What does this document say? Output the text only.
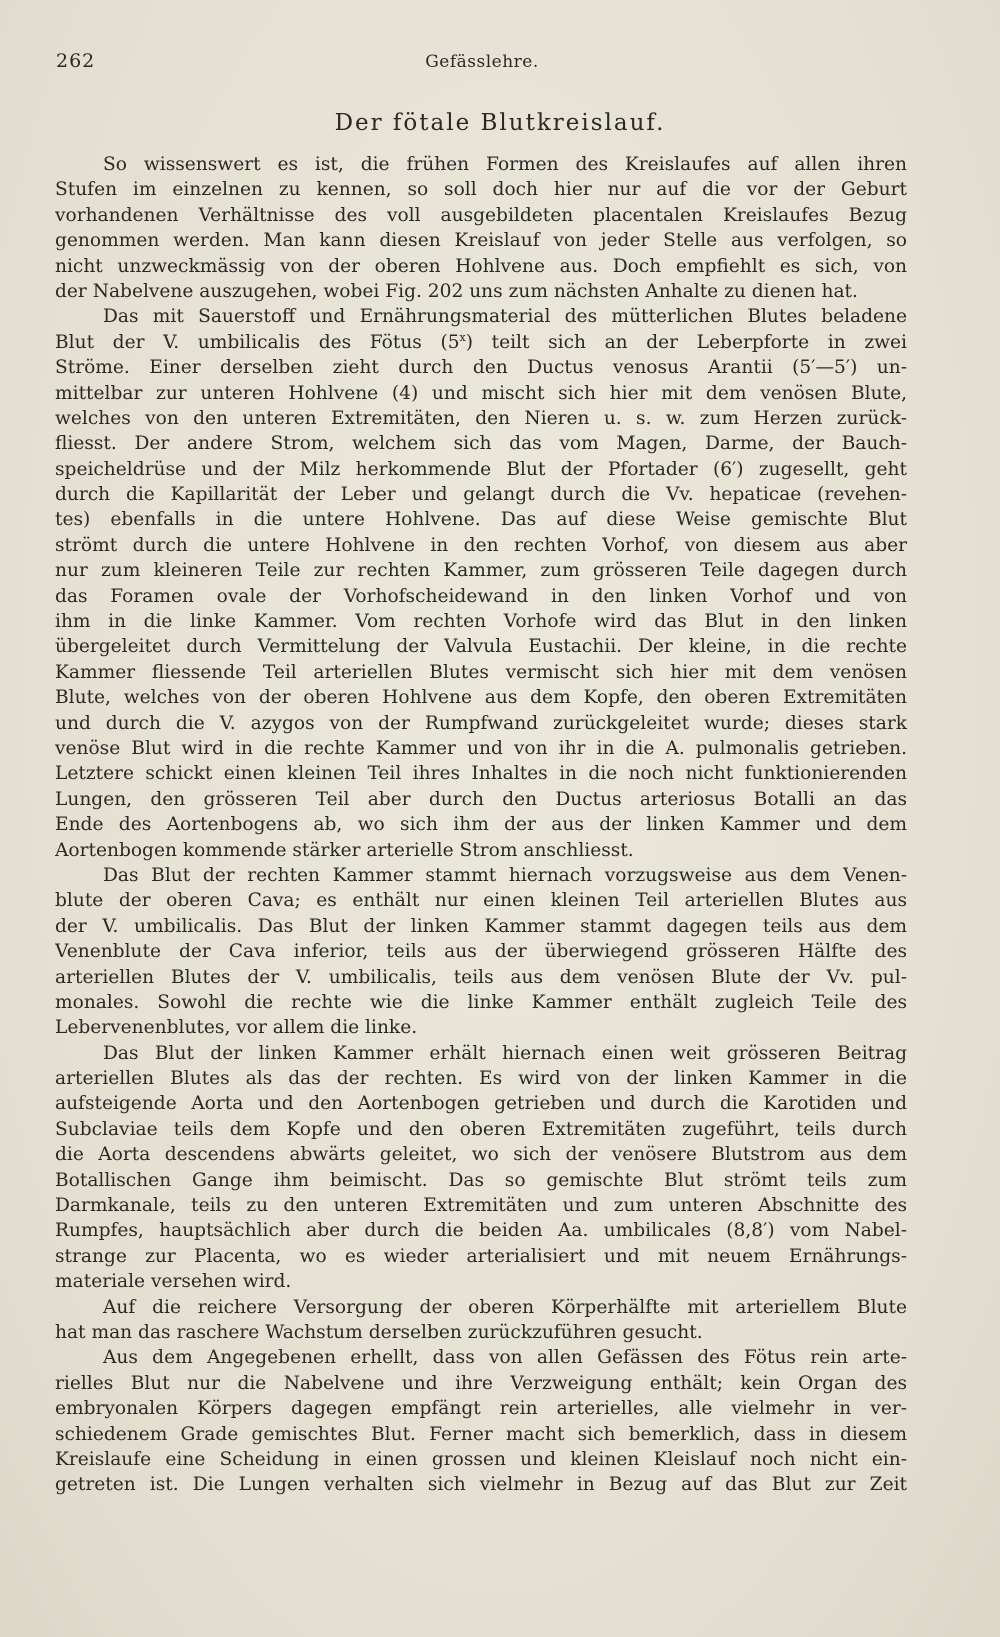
262	Gefässlehre.
Der fötale Blutkreislauf.
So wissenswert es ist, die frühen Formen des Kreislaufes auf allen ihren
Stufen im einzelnen zu kennen, so soll doch hier nur auf die vor der Geburt
vorhandenen Verhältnisse des voll ausgebildeten placentalen Kreislaufes Bezug
genommen werden. Man kann diesen Kreislauf von jeder Stelle aus verfolgen, so
nicht unzweckmässig von der oberen Hohlvene aus. Doch empfiehlt es sich, von
der Nabelvene auszugehen, wobei Fig. 202 uns zum nächsten Anhalte zu dienen hat.
Das mit Sauerstoff und Ernährungsmaterial des mütterlichen Blutes beladene
Blut der V. umbilicalis des Fötus (5$^x$) teilt sich an der Leberpforte in zwei
Ströme. Einer derselben zieht durch den Ductus venosus Arantii (5′—5′) un-
mittelbar zur unteren Hohlvene (4) und mischt sich hier mit dem venösen Blute,
welches von den unteren Extremitäten, den Nieren u. s. w. zum Herzen zurück-
fliesst. Der andere Strom, welchem sich das vom Magen, Darme, der Bauch-
speicheldrüse und der Milz herkommende Blut der Pfortader (6′) zugesellt, geht
durch die Kapillarität der Leber und gelangt durch die Vv. hepaticae (revehen-
tes) ebenfalls in die untere Hohlvene. Das auf diese Weise gemischte Blut
strömt durch die untere Hohlvene in den rechten Vorhof, von diesem aus aber
nur zum kleineren Teile zur rechten Kammer, zum grösseren Teile dagegen durch
das Foramen ovale der Vorhofscheidewand in den linken Vorhof und von
ihm in die linke Kammer. Vom rechten Vorhofe wird das Blut in den linken
übergeleitet durch Vermittelung der Valvula Eustachii. Der kleine, in die rechte
Kammer fliessende Teil arteriellen Blutes vermischt sich hier mit dem venösen
Blute, welches von der oberen Hohlvene aus dem Kopfe, den oberen Extremitäten
und durch die V. azygos von der Rumpfwand zurückgeleitet wurde; dieses stark
venöse Blut wird in die rechte Kammer und von ihr in die A. pulmonalis getrieben.
Letztere schickt einen kleinen Teil ihres Inhaltes in die noch nicht funktionierenden
Lungen, den grösseren Teil aber durch den Ductus arteriosus Botalli an das
Ende des Aortenbogens ab, wo sich ihm der aus der linken Kammer und dem
Aortenbogen kommende stärker arterielle Strom anschliesst.
Das Blut der rechten Kammer stammt hiernach vorzugsweise aus dem Venen-
blute der oberen Cava; es enthält nur einen kleinen Teil arteriellen Blutes aus
der V. umbilicalis. Das Blut der linken Kammer stammt dagegen teils aus dem
Venenblute der Cava inferior, teils aus der überwiegend grösseren Hälfte des
arteriellen Blutes der V. umbilicalis, teils aus dem venösen Blute der Vv. pul-
monales. Sowohl die rechte wie die linke Kammer enthält zugleich Teile des
Lebervenenblutes, vor allem die linke.
Das Blut der linken Kammer erhält hiernach einen weit grösseren Beitrag
arteriellen Blutes als das der rechten. Es wird von der linken Kammer in die
aufsteigende Aorta und den Aortenbogen getrieben und durch die Karotiden und
Subclaviae teils dem Kopfe und den oberen Extremitäten zugeführt, teils durch
die Aorta descendens abwärts geleitet, wo sich der venösere Blutstrom aus dem
Botallischen Gange ihm beimischt. Das so gemischte Blut strömt teils zum
Darmkanale, teils zu den unteren Extremitäten und zum unteren Abschnitte des
Rumpfes, hauptsächlich aber durch die beiden Aa. umbilicales (8,8′) vom Nabel-
strange zur Placenta, wo es wieder arterialisiert und mit neuem Ernährungs-
materiale versehen wird.
Auf die reichere Versorgung der oberen Körperhälfte mit arteriellem Blute
hat man das raschere Wachstum derselben zurückzuführen gesucht.
Aus dem Angegebenen erhellt, dass von allen Gefässen des Fötus rein arte-
rielles Blut nur die Nabelvene und ihre Verzweigung enthält; kein Organ des
embryonalen Körpers dagegen empfängt rein arterielles, alle vielmehr in ver-
schiedenem Grade gemischtes Blut. Ferner macht sich bemerklich, dass in diesem
Kreislaufe eine Scheidung in einen grossen und kleinen Kleislauf noch nicht ein-
getreten ist. Die Lungen verhalten sich vielmehr in Bezug auf das Blut zur Zeit
